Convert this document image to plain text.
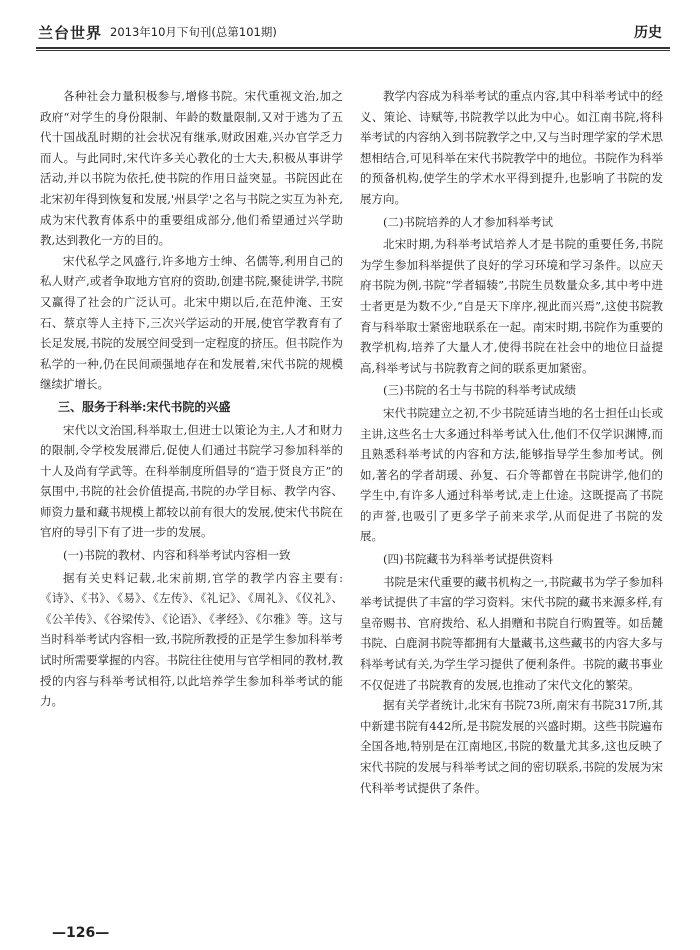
兰台世界 2013年10月下旬刊(总第101期)	历史

各种社会力量积极参与,增修书院。宋代重视文治,加之政府“对学生的身份限制、年龄的数量限制,又对于逃为了五代十国战乱时期的社会状况有继承,财政困难,兴办官学乏力而人。与此同时,宋代许多关心教化的士大夫,积极从事讲学活动,并以书院为依托,使书院的作用日益突显。书院因此在北宋初年得到恢复和发展,'州县学'之名与书院之实互为补充,成为宋代教育体系中的重要组成部分,他们希望通过兴学助教,达到教化一方的目的。

宋代私学之风盛行,许多地方士绅、名儒等,利用自己的私人财产,或者争取地方官府的资助,创建书院,聚徒讲学,书院又赢得了社会的广泛认可。北宋中期以后,在范仲淹、王安石、蔡京等人主持下,三次兴学运动的开展,使官学教育有了长足发展,书院的发展空间受到一定程度的挤压。但书院作为私学的一种,仍在民间顽强地存在和发展着,宋代书院的规模继续扩增长。

三、服务于科举:宋代书院的兴盛

宋代以文治国,科举取士,但进士以策论为主,人才和财力的限制,令学校发展滞后,促使人们通过书院学习参加科举的十人及尚有学武等。在科举制度所倡导的“造于贤良方正”的氛围中,书院的社会价值提高,书院的办学目标、教学内容、师资力量和藏书规模上都较以前有很大的发展,使宋代书院在官府的导引下有了进一步的发展。

(一)书院的教材、内容和科举考试内容相一致

据有关史料记载,北宋前期,官学的教学内容主要有:《诗》、《书》、《易》、《左传》、《礼记》、《周礼》、《仪礼》、《公羊传》、《谷梁传》、《论语》、《孝经》、《尔雅》等。这与当时科举考试内容相一致,书院所教授的正是学生参加科举考试时所需要掌握的内容。书院往往使用与官学相同的教材,教授的内容与科举考试相符,以此培养学生参加科举考试的能力。

教学内容成为科举考试的重点内容,其中科举考试中的经义、策论、诗赋等,书院教学以此为中心。如江南书院,将科举考试的内容纳入到书院教学之中,又与当时理学家的学术思想相结合,可见科举在宋代书院教学中的地位。书院作为科举的预备机构,使学生的学术水平得到提升,也影响了书院的发展方向。

(二)书院培养的人才参加科举考试

北宋时期,为科举考试培养人才是书院的重要任务,书院为学生参加科举提供了良好的学习环境和学习条件。以应天府书院为例,书院“学者辐辏”,书院生员数量众多,其中考中进士者更是为数不少,“自是天下庠序,视此而兴焉”,这使书院教育与科举取士紧密地联系在一起。南宋时期,书院作为重要的教学机构,培养了大量人才,使得书院在社会中的地位日益提高,科举考试与书院教育之间的联系更加紧密。

(三)书院的名士与书院的科举考试成绩

宋代书院建立之初,不少书院延请当地的名士担任山长或主讲,这些名士大多通过科举考试入仕,他们不仅学识渊博,而且熟悉科举考试的内容和方法,能够指导学生参加考试。例如,著名的学者胡瑗、孙复、石介等都曾在书院讲学,他们的学生中,有许多人通过科举考试,走上仕途。这既提高了书院的声誉,也吸引了更多学子前来求学,从而促进了书院的发展。

(四)书院藏书为科举考试提供资料

书院是宋代重要的藏书机构之一,书院藏书为学子参加科举考试提供了丰富的学习资料。宋代书院的藏书来源多样,有皇帝赐书、官府拨给、私人捐赠和书院自行购置等。如岳麓书院、白鹿洞书院等都拥有大量藏书,这些藏书的内容大多与科举考试有关,为学生学习提供了便利条件。书院的藏书事业不仅促进了书院教育的发展,也推动了宋代文化的繁荣。

据有关学者统计,北宋有书院73所,南宋有书院317所,其中新建书院有442所,是书院发展的兴盛时期。这些书院遍布全国各地,特别是在江南地区,书院的数量尤其多,这也反映了宋代书院的发展与科举考试之间的密切联系,书院的发展为宋代科举考试提供了条件。

—126—
